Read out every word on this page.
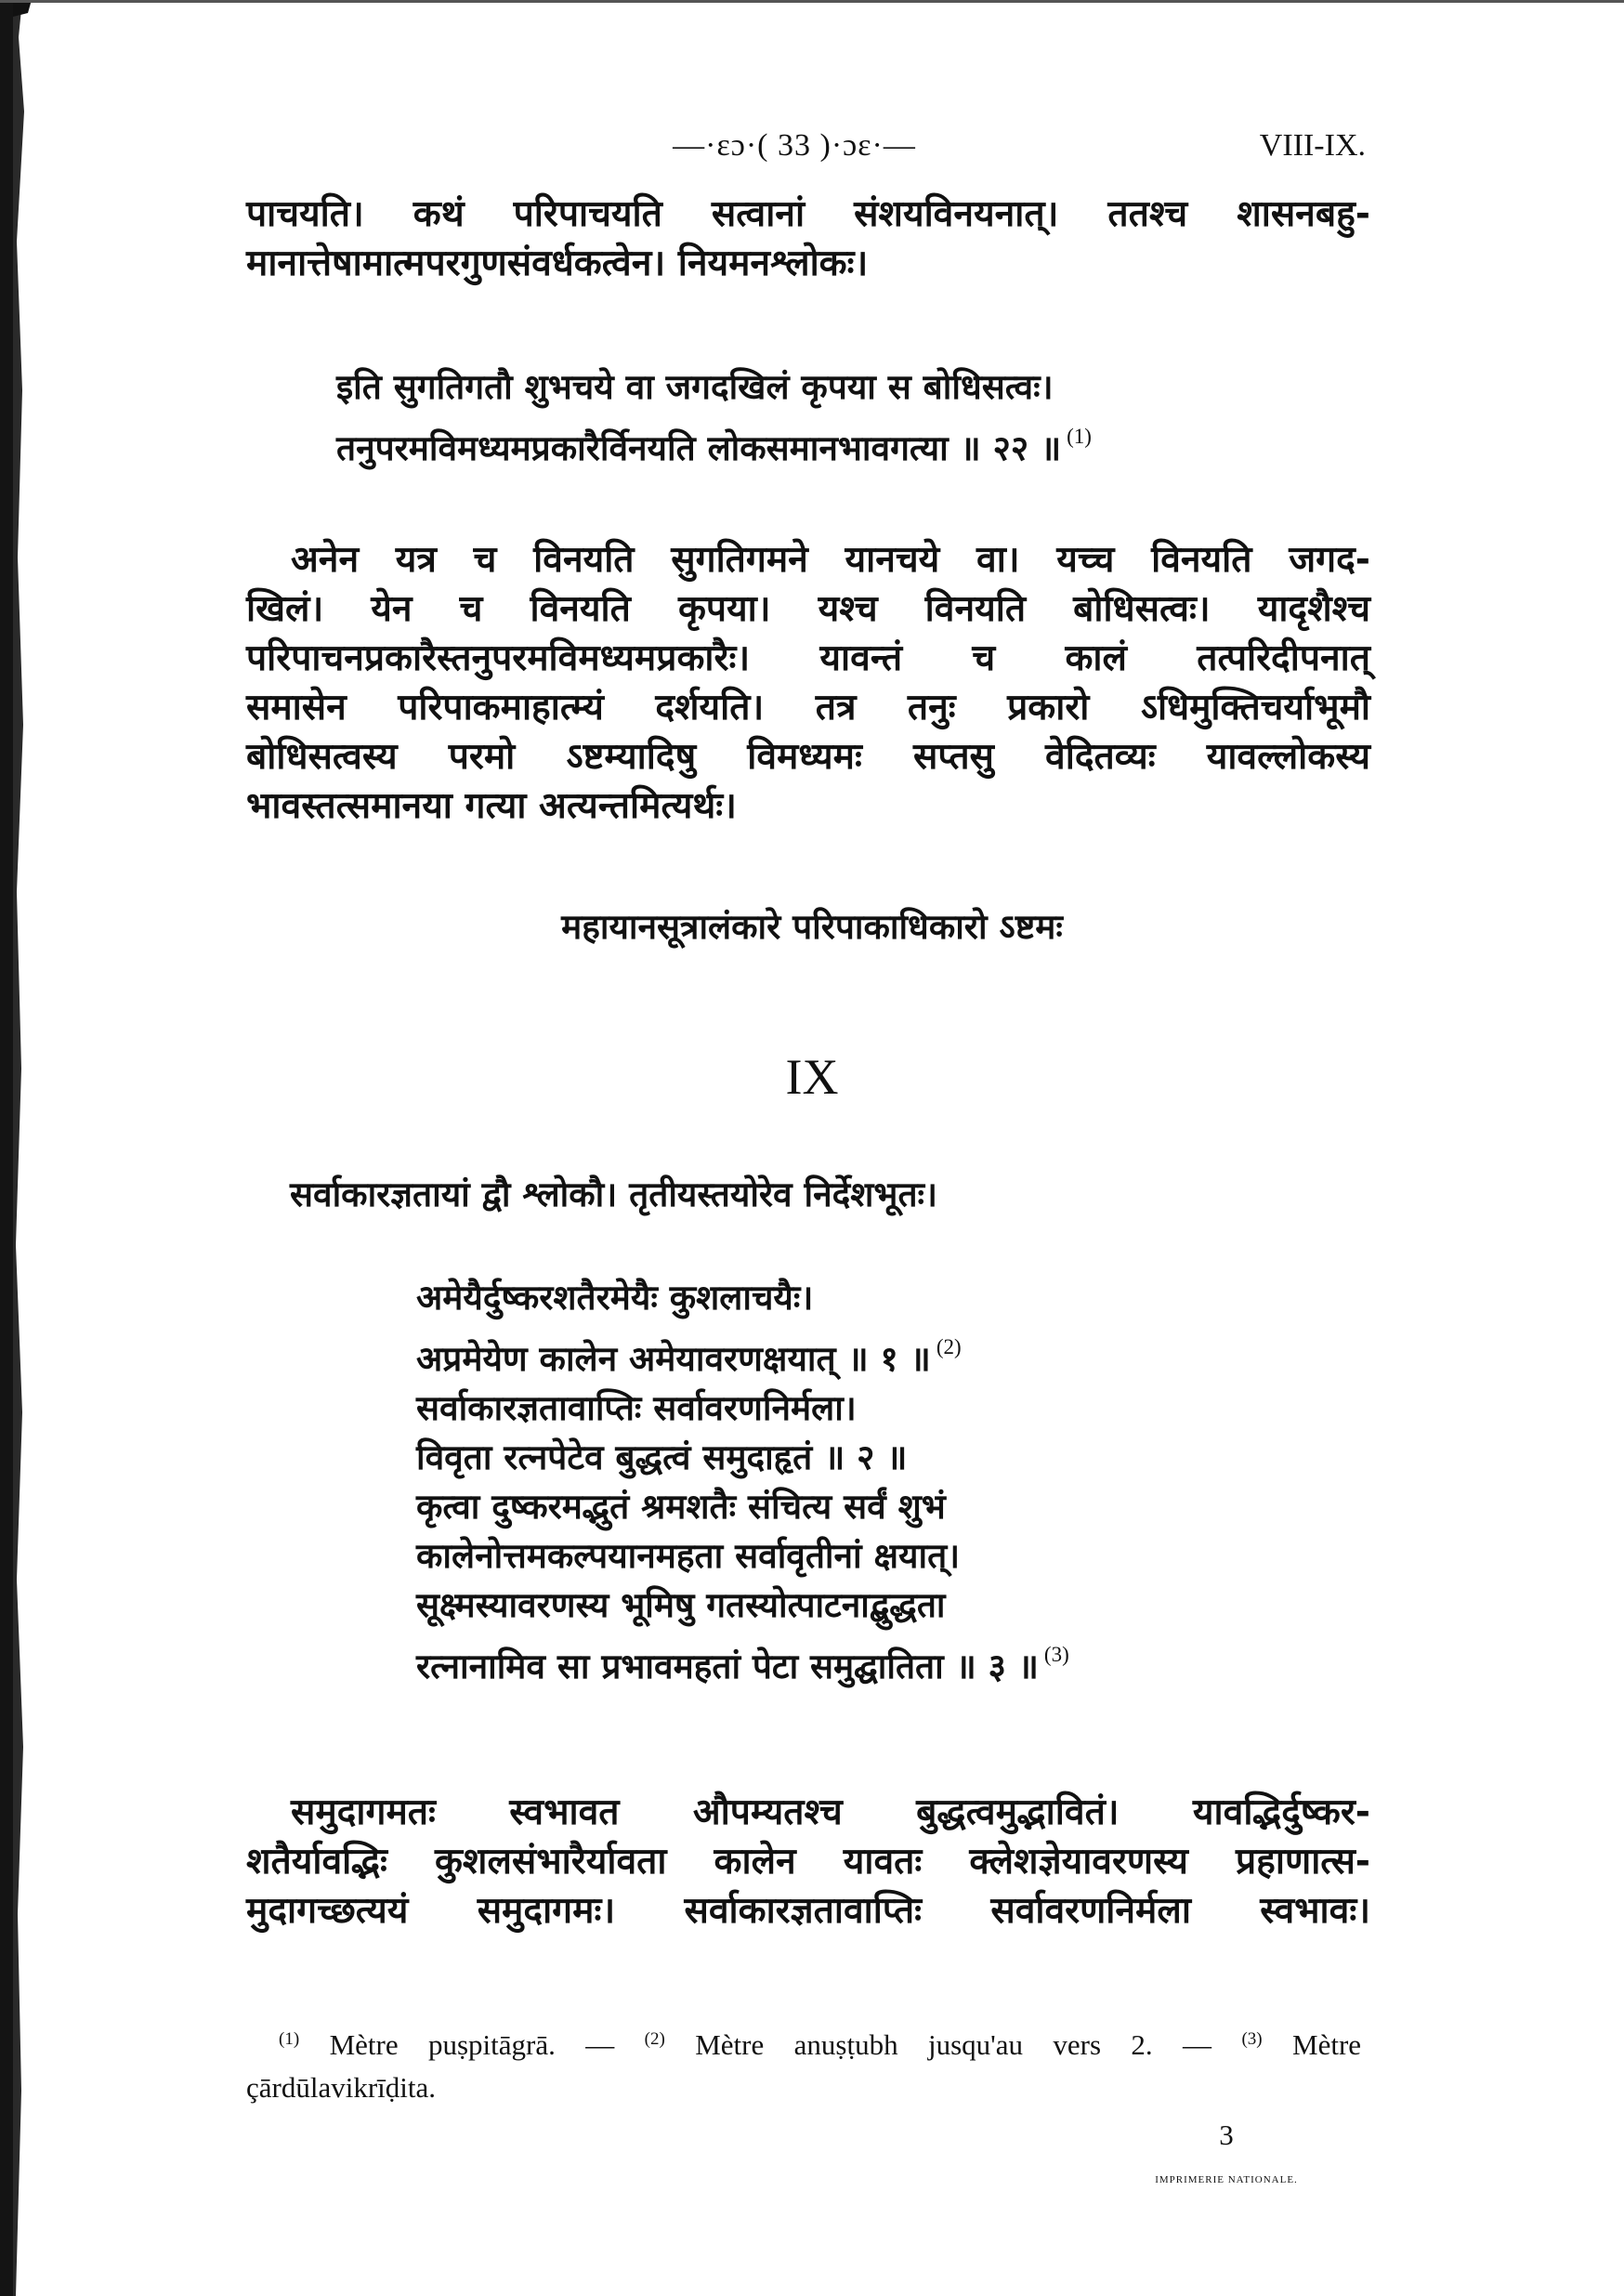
—·ɛɔ·( 33 )·ɔɛ·—	VIII-IX.
पाचयति। कथं परिपाचयति सत्वानां संशयविनयनात्। ततश्च शासनबहु-
मानात्तेषामात्मपरगुणसंवर्धकत्वेन। नियमनश्लोकः।
इति सुगतिगतौ शुभचये वा जगदखिलं कृपया स बोधिसत्वः।
तनुपरमविमध्यमप्रकारैर्विनयति लोकसमानभावगत्या ॥ २२ ॥ $^{(1)}$
अनेन यत्र च विनयति सुगतिगमने यानचये वा। यच्च विनयति जगद-
खिलं। येन च विनयति कृपया। यश्च विनयति बोधिसत्वः। यादृशैश्च
परिपाचनप्रकारैस्तनुपरमविमध्यमप्रकारैः। यावन्तं च कालं तत्परिदीपनात्
समासेन परिपाकमाहात्म्यं दर्शयति। तत्र तनुः प्रकारो ऽधिमुक्तिचर्याभूमौ
बोधिसत्वस्य परमो ऽष्टम्यादिषु विमध्यमः सप्तसु वेदितव्यः यावल्लोकस्य
भावस्तत्समानया गत्या अत्यन्तमित्यर्थः।
महायानसूत्रालंकारे परिपाकाधिकारो ऽष्टमः
IX
सर्वाकारज्ञतायां द्वौ श्लोकौ। तृतीयस्तयोरेव निर्देशभूतः।
अमेयैर्दुष्करशतैरमेयैः कुशलाचयैः।
अप्रमेयेण कालेन अमेयावरणक्षयात् ॥ १ ॥ $^{(2)}$
सर्वाकारज्ञतावाप्तिः सर्वावरणनिर्मला।
विवृता रत्नपेटेव बुद्धत्वं समुदाहृतं ॥ २ ॥
कृत्वा दुष्करमद्भुतं श्रमशतैः संचित्य सर्वं शुभं
कालेनोत्तमकल्पयानमहता सर्वावृतीनां क्षयात्।
सूक्ष्मस्यावरणस्य भूमिषु गतस्योत्पाटनाद्बुद्धता
रत्नानामिव सा प्रभावमहतां पेटा समुद्घातिता ॥ ३ ॥ $^{(3)}$
समुदागमतः स्वभावत औपम्यतश्च बुद्धत्वमुद्भावितं। यावद्भिर्दुष्कर-
शतैर्यावद्भिः कुशलसंभारैर्यावता कालेन यावतः क्लेशज्ञेयावरणस्य प्रहाणात्स-
मुदागच्छत्ययं समुदागमः। सर्वाकारज्ञतावाप्तिः सर्वावरणनिर्मला स्वभावः।
$^{(1)}$ Mètre puṣpitāgrā. — $^{(2)}$ Mètre anuṣṭubh jusqu'au vers 2. — $^{(3)}$ Mètre
çārdūlavikrīḍita.
3
IMPRIMERIE NATIONALE.
